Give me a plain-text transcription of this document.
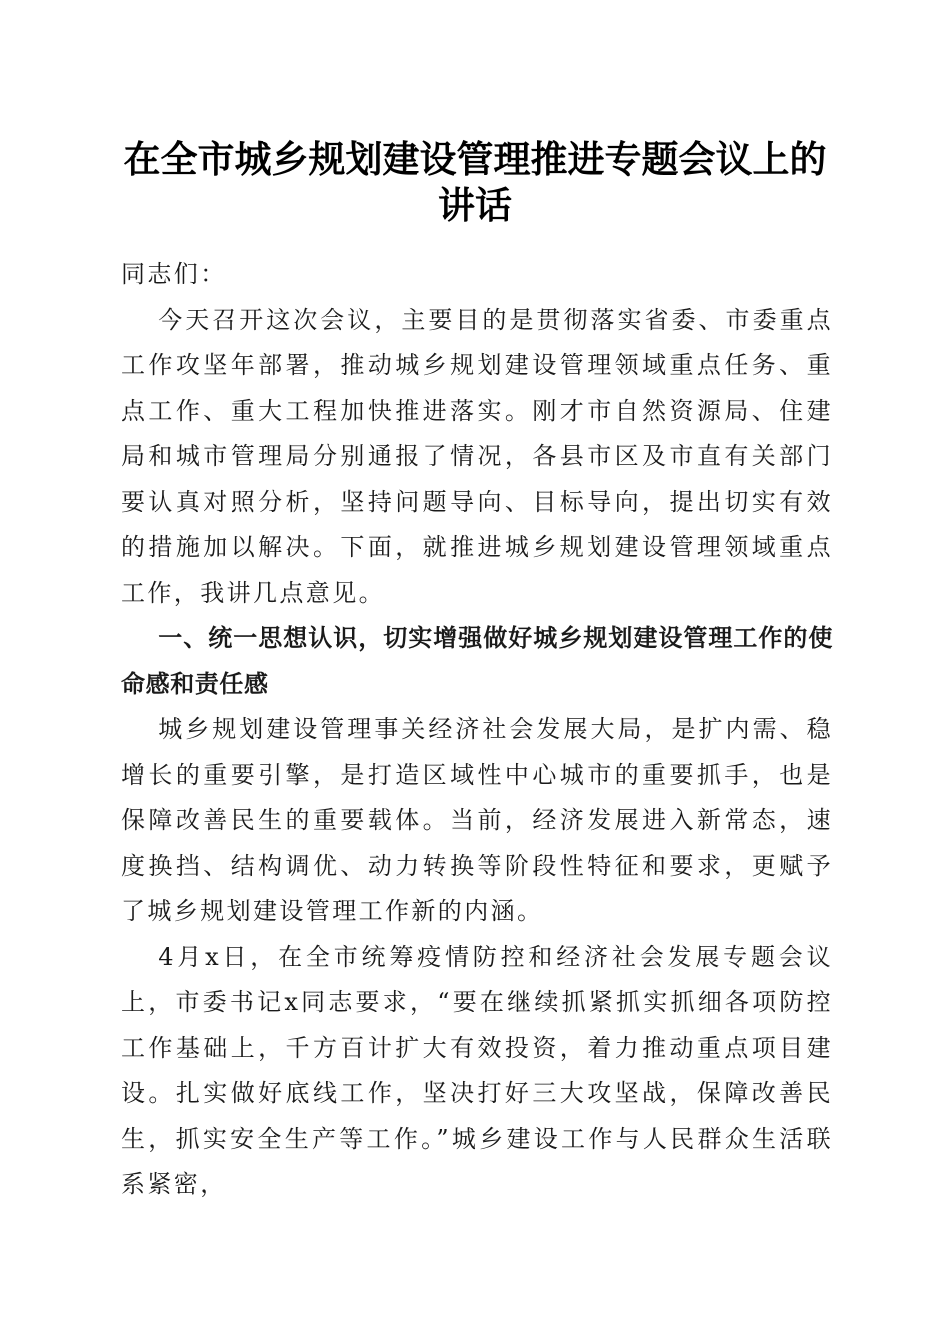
在全市城乡规划建设管理推进专题会议上的讲话

同志们：

今天召开这次会议，主要目的是贯彻落实省委、市委重点工作攻坚年部署，推动城乡规划建设管理领域重点任务、重点工作、重大工程加快推进落实。刚才市自然资源局、住建局和城市管理局分别通报了情况，各县市区及市直有关部门要认真对照分析，坚持问题导向、目标导向，提出切实有效的措施加以解决。下面，就推进城乡规划建设管理领域重点工作，我讲几点意见。

一、统一思想认识，切实增强做好城乡规划建设管理工作的使命感和责任感

城乡规划建设管理事关经济社会发展大局，是扩内需、稳增长的重要引擎，是打造区域性中心城市的重要抓手，也是保障改善民生的重要载体。当前，经济发展进入新常态，速度换挡、结构调优、动力转换等阶段性特征和要求，更赋予了城乡规划建设管理工作新的内涵。

4月x日，在全市统筹疫情防控和经济社会发展专题会议上，市委书记x同志要求，“要在继续抓紧抓实抓细各项防控工作基础上，千方百计扩大有效投资，着力推动重点项目建设。扎实做好底线工作，坚决打好三大攻坚战，保障改善民生，抓实安全生产等工作。”城乡建设工作与人民群众生活联系紧密，
